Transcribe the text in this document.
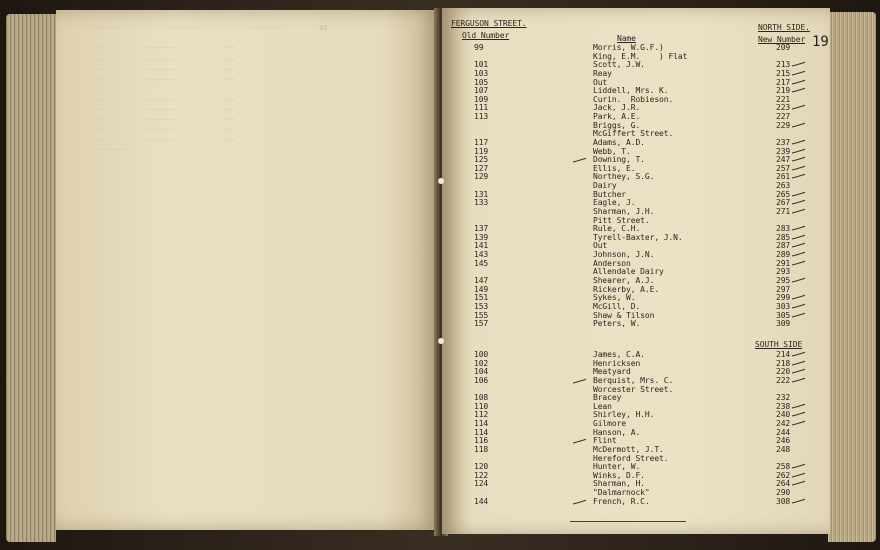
18        ---------          ---------          -------
---          ---------         --
---          ---------         --
---          ---------         --
---          ---------         --
---          ---------         --
---          ---------         --
---          ---------         --
---          ---------         --
---          ---------         --
---------
FERGUSON STREET.	NORTH SIDE.
Old Number	Name	New Number 19
SOUTH SIDE
99	Morris, W.G.F.)	209
King, E.M.    ) Flat
101	Scott, J.W.	213
103	Reay	215
105	Out	217
107	Liddell, Mrs. K.	219
109	Curin.  Robieson.	221
111	Jack, J.R.	223
113	Park, A.E.	227
Briggs, G.	229
McGiffert Street.
117	Adams, A.D.	237
119	Webb, T.	239
125	Downing, T.	247
127	Ellis, E.	257
129	Northey, S.G.	261
Dairy	263
131	Butcher	265
133	Eagle, J.	267
Sharman, J.H.	271
Pitt Street.
137	Rule, C.H.	283
139	Tyrell-Baxter, J.N.	285
141	Out	287
143	Johnson, J.N.	289
145	Anderson	291
Allendale Dairy	293
147	Shearer, A.J.	295
149	Rickerby, A.E.	297
151	Sykes, W.	299
153	McGill, D.	303
155	Shaw & Tilson	305
157	Peters, W.	309
100	James, C.A.	214
102	Henricksen	218
104	Meatyard	220
106	Berquist, Mrs. C.	222
Worcester Street.
108	Bracey	232
110	Lean	238
112	Shirley, H.H.	240
114	Gilmore	242
114	Hanson, A.	244
116	Flint	246
118	McDermott, J.T.	248
Hereford Street.
120	Hunter, W.	258
122	Winks, D.F.	262
124	Sharman, H.	264
"Dalmarnock"	290
144	French, R.C.	308
